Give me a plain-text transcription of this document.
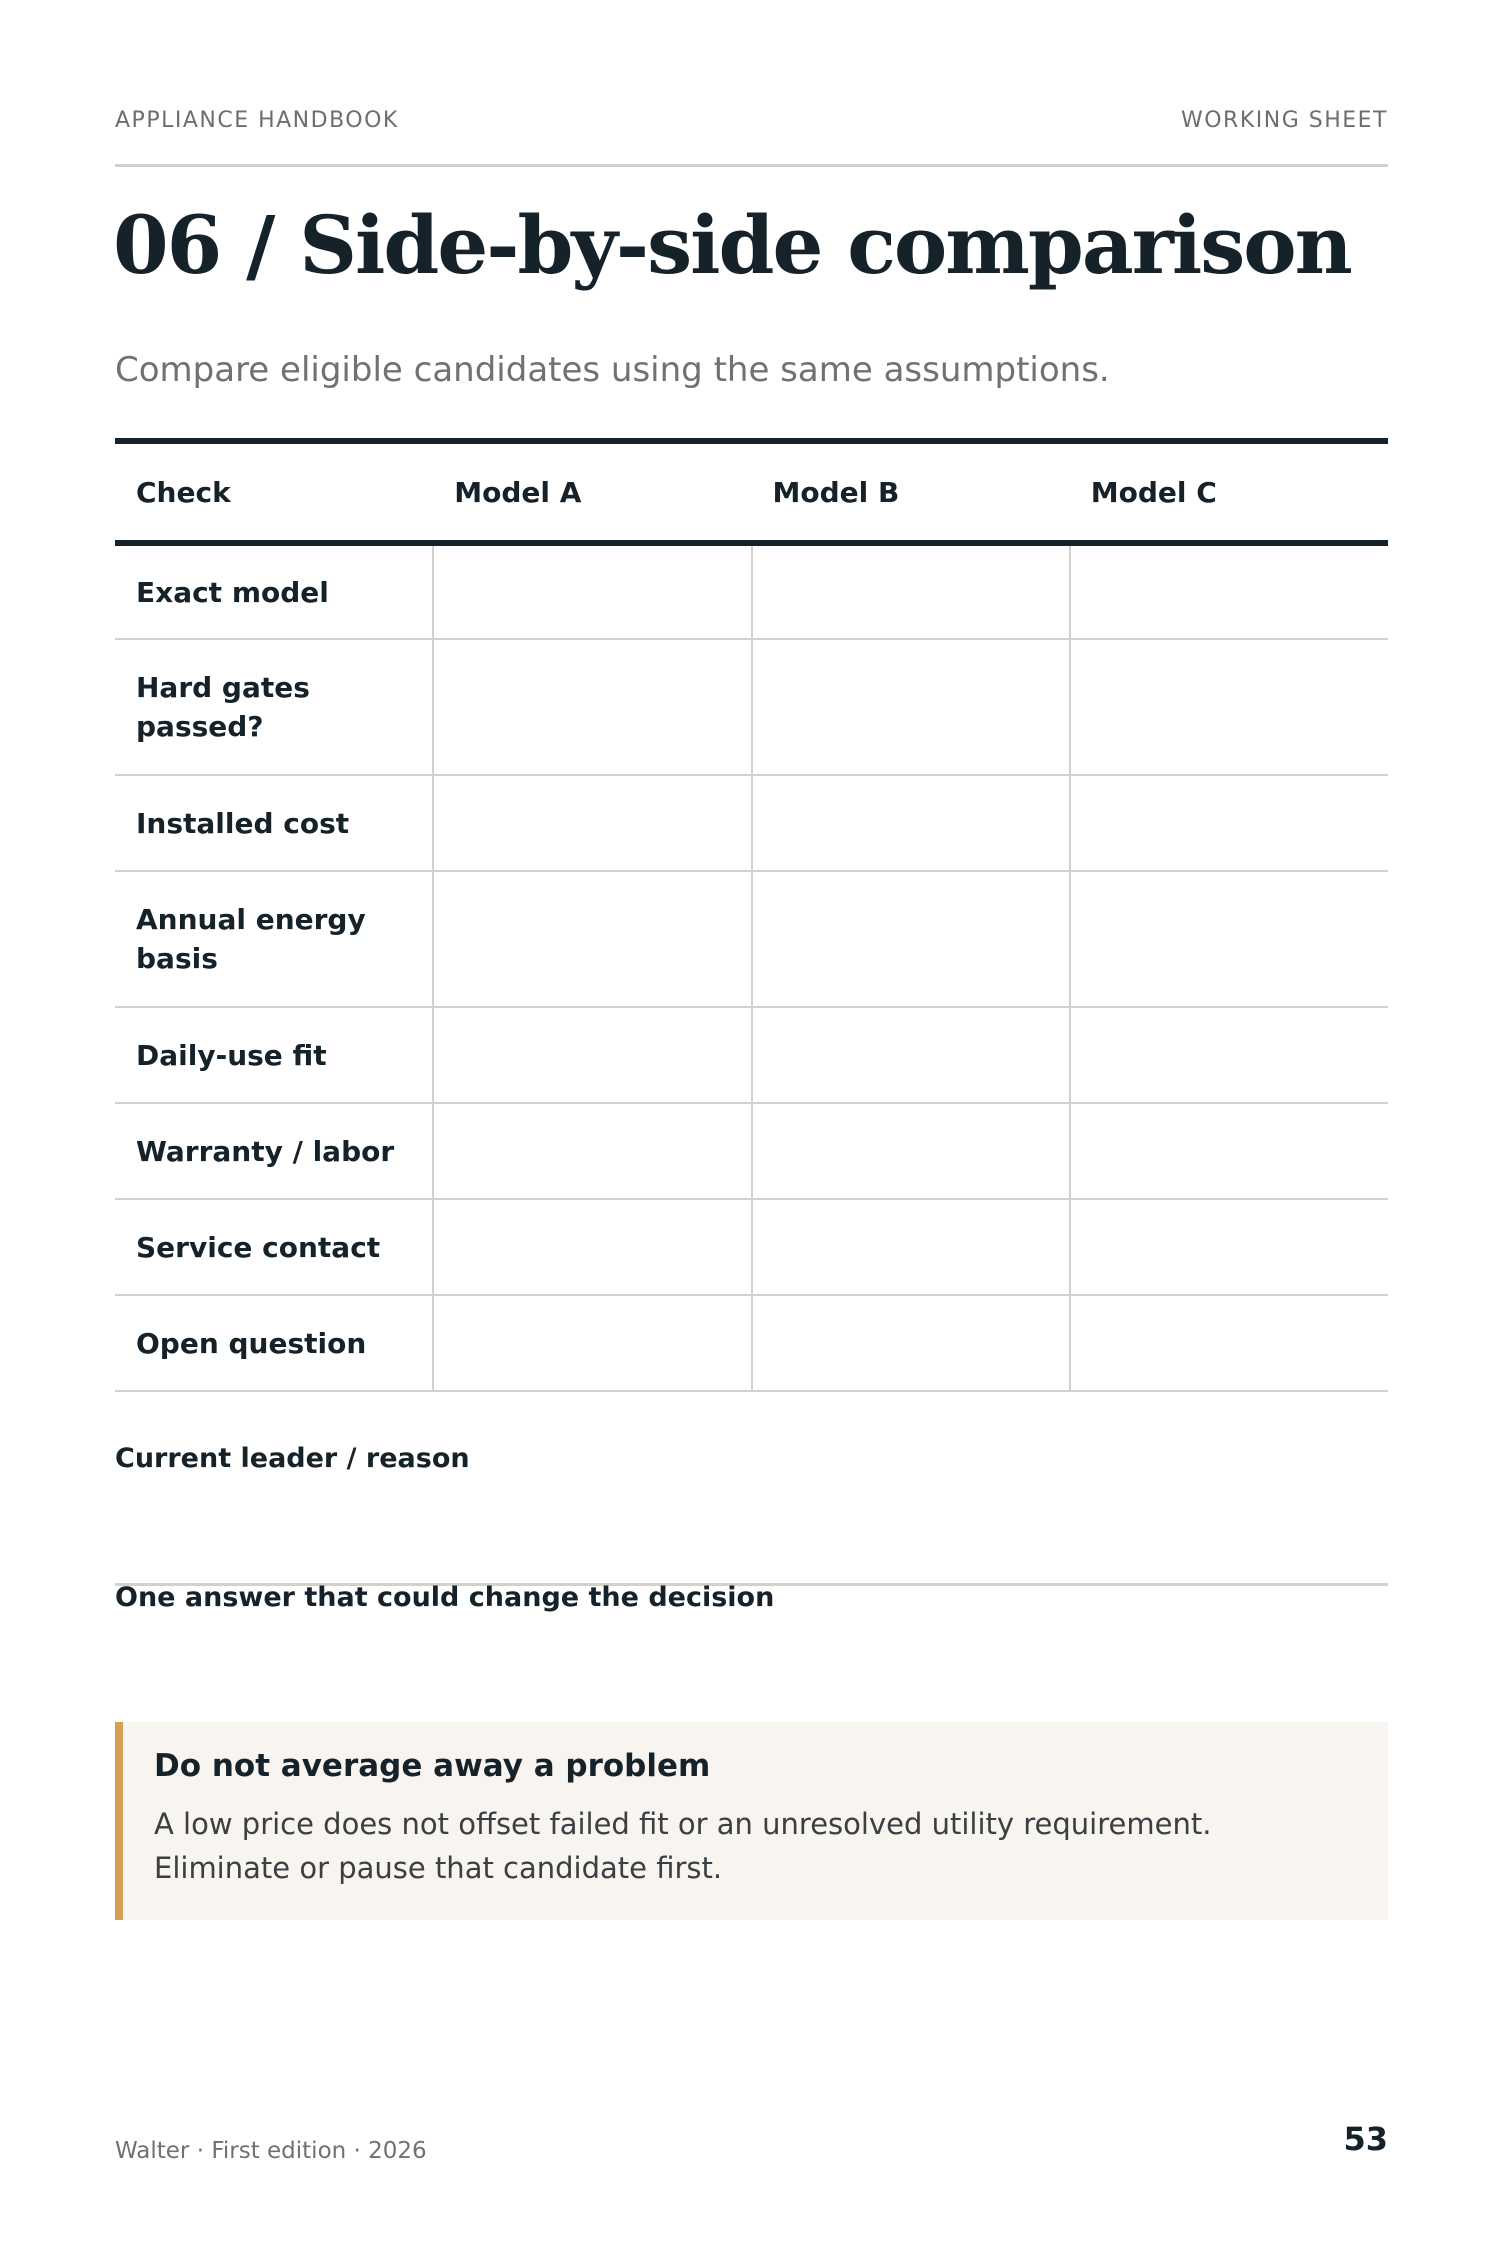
APPLIANCE HANDBOOK	WORKING SHEET
06 / Side-by-side comparison
Compare eligible candidates using the same assumptions.
Check	Model A	Model B	Model C
Exact model			
Hard gates passed?			
Installed cost			
Annual energy basis			
Daily-use fit			
Warranty / labor			
Service contact			
Open question			
Current leader / reason
One answer that could change the decision
Do not average away a problem
A low price does not offset failed fit or an unresolved utility requirement. Eliminate or pause that candidate first.
Walter · First edition · 2026	53
